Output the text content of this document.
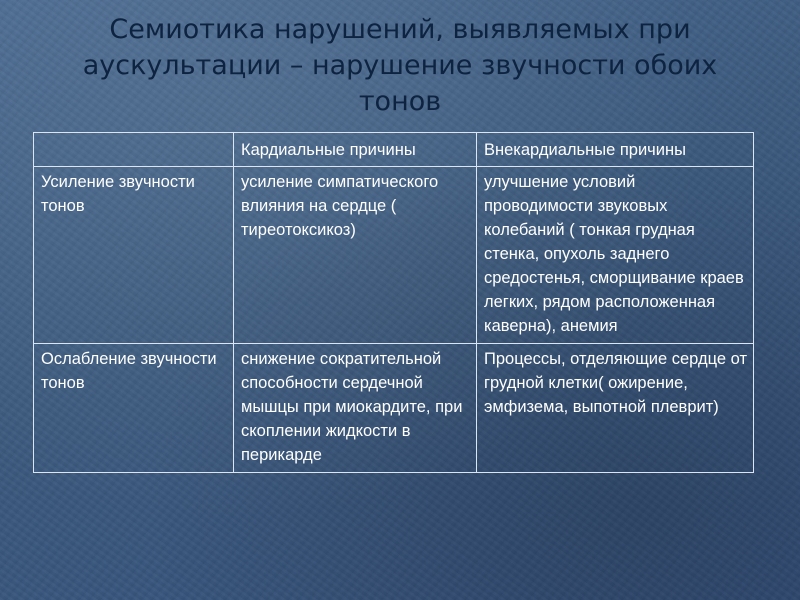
Семиотика нарушений, выявляемых при аускультации – нарушение звучности обоих тонов
	Кардиальные причины	Внекардиальные причины
Усиление звучности тонов	усиление симпатического влияния на сердце ( тиреотоксикоз)	улучшение условий проводимости звуковых колебаний ( тонкая грудная стенка, опухоль заднего средостенья, сморщивание краев легких, рядом расположенная каверна), анемия
Ослабление звучности тонов	снижение сократительной способности сердечной мышцы при миокардите, при скоплении жидкости в перикарде	Процессы, отделяющие сердце от грудной клетки( ожирение, эмфизема, выпотной плеврит)
